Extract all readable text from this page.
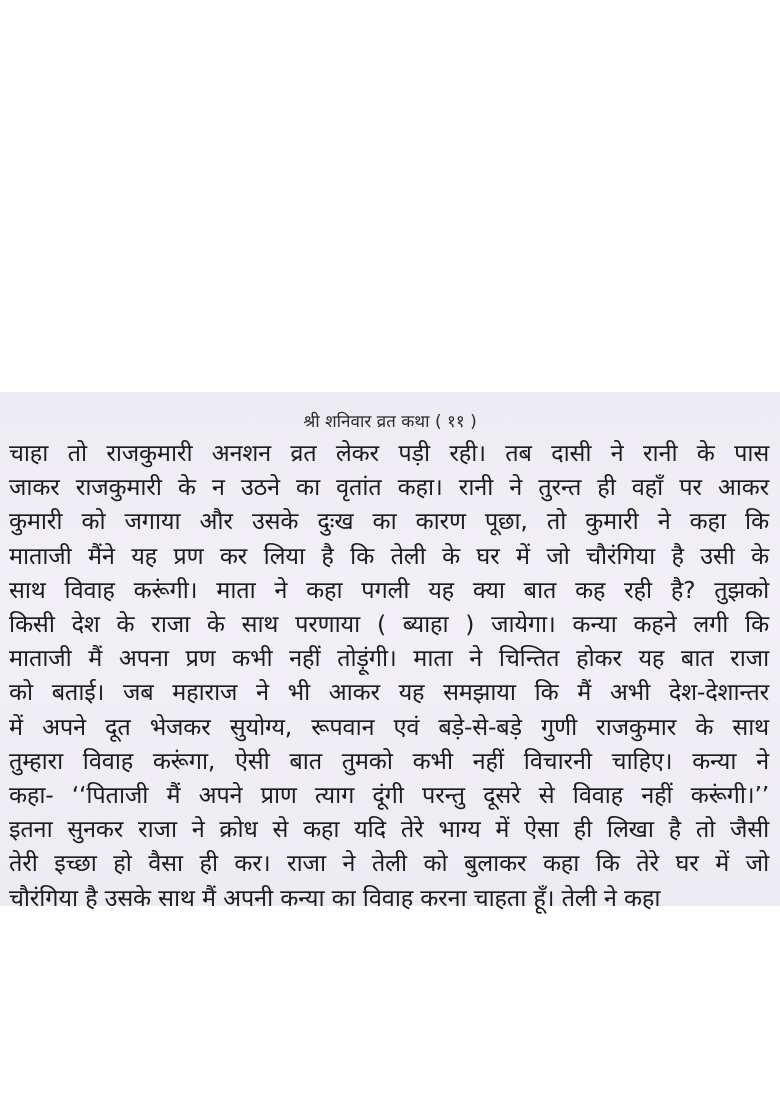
श्री शनिवार व्रत कथा ( ११ )
चाहा तो राजकुमारी अनशन व्रत लेकर पड़ी रही। तब दासी ने रानी के पास
जाकर राजकुमारी के न उठने का वृतांत कहा। रानी ने तुरन्त ही वहाँ पर आकर
कुमारी को जगाया और उसके दुःख का कारण पूछा, तो कुमारी ने कहा कि
माताजी मैंने यह प्रण कर लिया है कि तेली के घर में जो चौरंगिया है उसी के
साथ विवाह करूंगी। माता ने कहा पगली यह क्या बात कह रही है? तुझको
किसी देश के राजा के साथ परणाया ( ब्याहा ) जायेगा। कन्या कहने लगी कि
माताजी मैं अपना प्रण कभी नहीं तोड़ूंगी। माता ने चिन्तित होकर यह बात राजा
को बताई। जब महाराज ने भी आकर यह समझाया कि मैं अभी देश-देशान्तर
में अपने दूत भेजकर सुयोग्य, रूपवान एवं बड़े-से-बड़े गुणी राजकुमार के साथ
तुम्हारा विवाह करूंगा, ऐसी बात तुमको कभी नहीं विचारनी चाहिए। कन्या ने
कहा- ‘‘पिताजी मैं अपने प्राण त्याग दूंगी परन्तु दूसरे से विवाह नहीं करूंगी।’’
इतना सुनकर राजा ने क्रोध से कहा यदि तेरे भाग्य में ऐसा ही लिखा है तो जैसी
तेरी इच्छा हो वैसा ही कर। राजा ने तेली को बुलाकर कहा कि तेरे घर में जो
चौरंगिया है उसके साथ मैं अपनी कन्या का विवाह करना चाहता हूँ। तेली ने कहा
